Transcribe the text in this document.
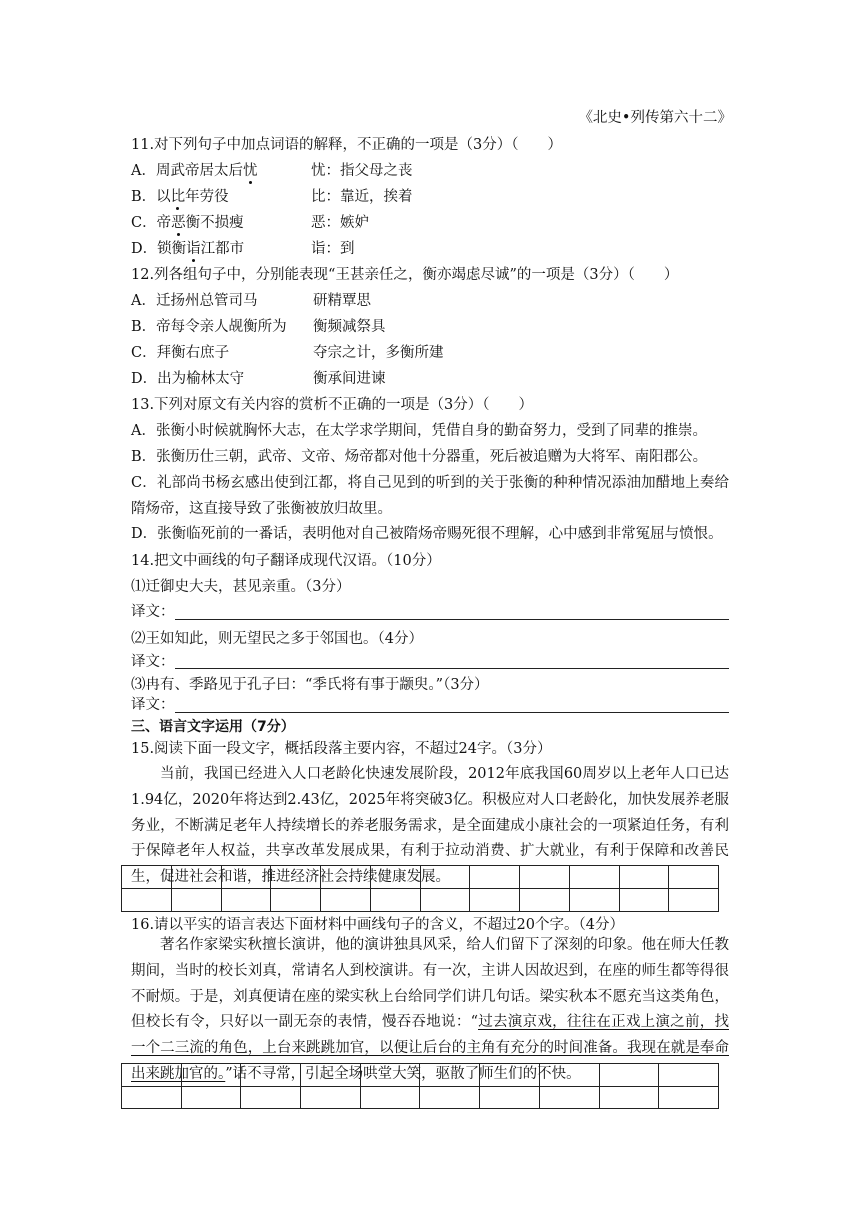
《北史•列传第六十二》
11.对下列句子中加点词语的解释，不正确的一项是（3分）（　　）
A．周武帝居太后忧	忧：指父母之丧
B．以比年劳役	比：靠近，挨着
C．帝恶衡不损瘦	恶：嫉妒
D．锁衡诣江都市	诣：到
12.列各组句子中，分别能表现“王甚亲任之，衡亦竭虑尽诚”的一项是（3分）（　　）
A．迁扬州总管司马	研精覃思
B．帝每令亲人觇衡所为 衡频减祭具
C．拜衡右庶子	夺宗之计，多衡所建
D．出为榆林太守	衡承间进谏
13.下列对原文有关内容的赏析不正确的一项是（3分）（　　）
A．张衡小时候就胸怀大志，在太学求学期间，凭借自身的勤奋努力，受到了同辈的推崇。
B．张衡历仕三朝，武帝、文帝、炀帝都对他十分器重，死后被追赠为大将军、南阳郡公。
C．礼部尚书杨玄感出使到江都，将自己见到的听到的关于张衡的种种情况添油加醋地上奏给隋炀帝，这直接导致了张衡被放归故里。
D．张衡临死前的一番话，表明他对自己被隋炀帝赐死很不理解，心中感到非常冤屈与愤恨。
14.把文中画线的句子翻译成现代汉语。（10分）
⑴迁御史大夫，甚见亲重。（3分）
译文：
⑵王如知此，则无望民之多于邻国也。（4分）
译文：
⑶冉有、季路见于孔子曰：“季氏将有事于颛臾。”（3分）
译文：
三、语言文字运用（7分）
15.阅读下面一段文字，概括段落主要内容，不超过24字。（3分）
当前，我国已经进入人口老龄化快速发展阶段，2012年底我国60周岁以上老年人口已达1.94亿，2020年将达到2.43亿，2025年将突破3亿。积极应对人口老龄化，加快发展养老服务业，不断满足老年人持续增长的养老服务需求，是全面建成小康社会的一项紧迫任务，有利于保障老年人权益，共享改革发展成果，有利于拉动消费、扩大就业，有利于保障和改善民生，促进社会和谐，推进经济社会持续健康发展。

16.请以平实的语言表达下面材料中画线句子的含义，不超过20个字。（4分）
著名作家梁实秋擅长演讲，他的演讲独具风采，给人们留下了深刻的印象。他在师大任教期间，当时的校长刘真，常请名人到校演讲。有一次，主讲人因故迟到，在座的师生都等得很不耐烦。于是，刘真便请在座的梁实秋上台给同学们讲几句话。梁实秋本不愿充当这类角色，但校长有令，只好以一副无奈的表情，慢吞吞地说：“过去演京戏，往往在正戏上演之前，找一个二三流的角色，上台来跳跳加官，以便让后台的主角有充分的时间准备。我现在就是奉命出来跳加官的。”话不寻常，引起全场哄堂大笑，驱散了师生们的不快。
